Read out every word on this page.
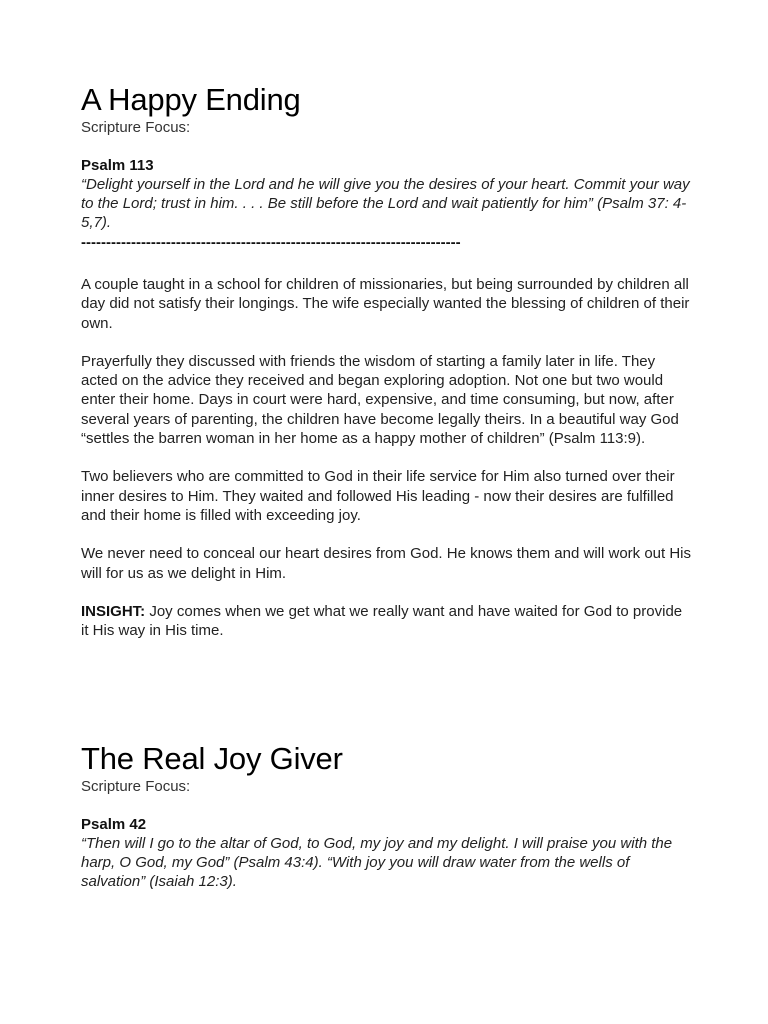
A Happy Ending
Scripture Focus:
Psalm 113
“Delight yourself in the Lord and he will give you the desires of your heart. Commit your way to the Lord; trust in him. . . . Be still before the Lord and wait patiently for him” (Psalm 37: 4-5,7).
----------------------------------------------------------------------------

A couple taught in a school for children of missionaries, but being surrounded by children all day did not satisfy their longings. The wife especially wanted the blessing of children of their own.

Prayerfully they discussed with friends the wisdom of starting a family later in life. They acted on the advice they received and began exploring adoption. Not one but two would enter their home. Days in court were hard, expensive, and time consuming, but now, after several years of parenting, the children have become legally theirs. In a beautiful way God “settles the barren woman in her home as a happy mother of children” (Psalm 113:9).

Two believers who are committed to God in their life service for Him also turned over their inner desires to Him. They waited and followed His leading - now their desires are fulfilled and their home is filled with exceeding joy.

We never need to conceal our heart desires from God. He knows them and will work out His will for us as we delight in Him.

INSIGHT: Joy comes when we get what we really want and have waited for God to provide it His way in His time.

The Real Joy Giver
Scripture Focus:
Psalm 42
“Then will I go to the altar of God, to God, my joy and my delight. I will praise you with the harp, O God, my God” (Psalm 43:4). “With joy you will draw water from the wells of salvation” (Isaiah 12:3).
